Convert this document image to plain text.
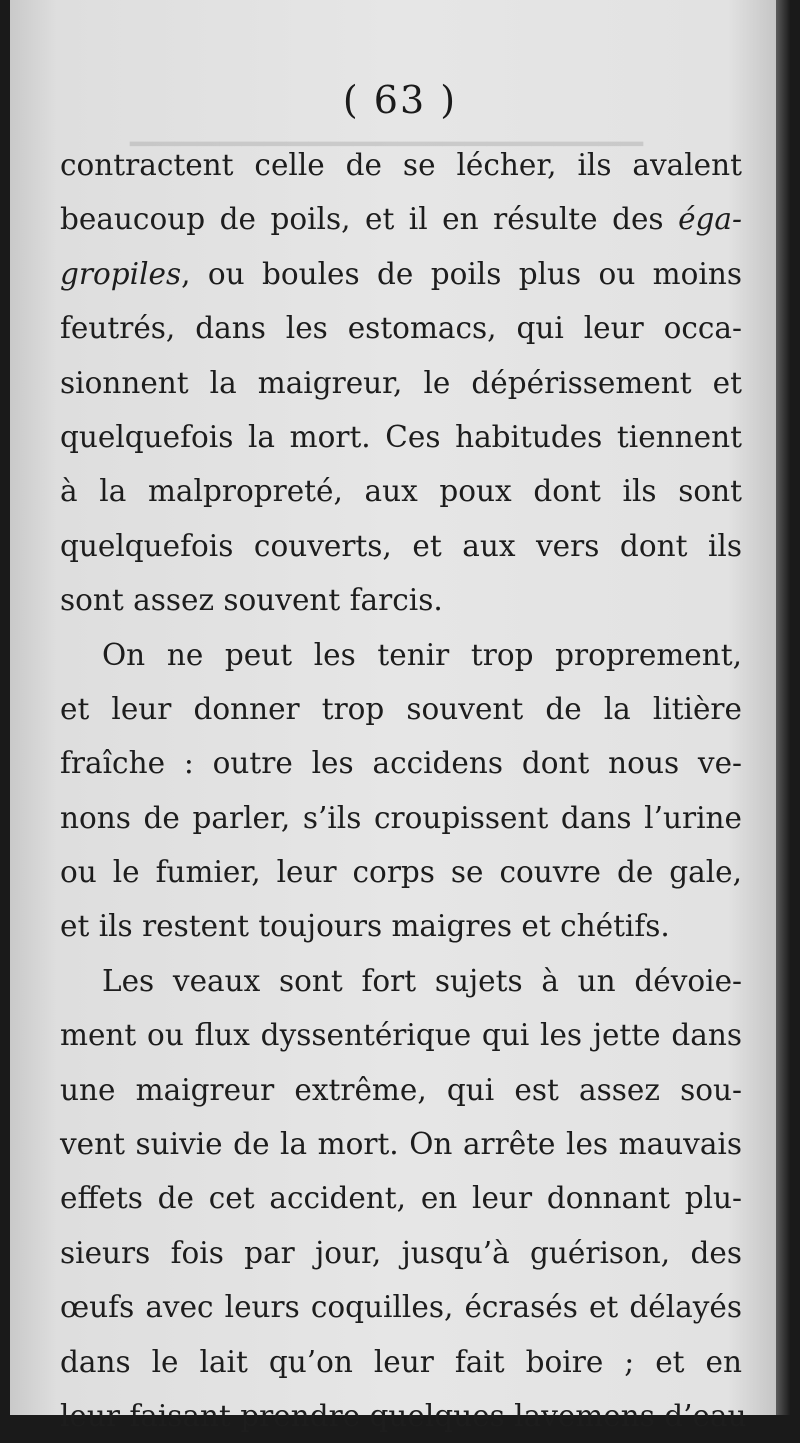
▁▁▁▁▁▁▁▁▁▁▁▁▁▁▁▁▁▁▁▁▁▁▁
( 63 )

contractent celle de se lécher, ils avalent
beaucoup de poils, et il en résulte des éga-
gropiles, ou boules de poils plus ou moins
feutrés, dans les estomacs, qui leur occa-
sionnent la maigreur, le dépérissement et
quelquefois la mort. Ces habitudes tiennent
à la malpropreté, aux poux dont ils sont
quelquefois couverts, et aux vers dont ils
sont assez souvent farcis.

On ne peut les tenir trop proprement,
et leur donner trop souvent de la litière
fraîche : outre les accidens dont nous ve-
nons de parler, s’ils croupissent dans l’urine
ou le fumier, leur corps se couvre de gale,
et ils restent toujours maigres et chétifs.

Les veaux sont fort sujets à un dévoie-
ment ou flux dyssentérique qui les jette dans
une maigreur extrême, qui est assez sou-
vent suivie de la mort. On arrête les mauvais
effets de cet accident, en leur donnant plu-
sieurs fois par jour, jusqu’à guérison, des
œufs avec leurs coquilles, écrasés et délayés
dans le lait qu’on leur fait boire ; et en
leur faisant prendre quelques lavemens d’eau
